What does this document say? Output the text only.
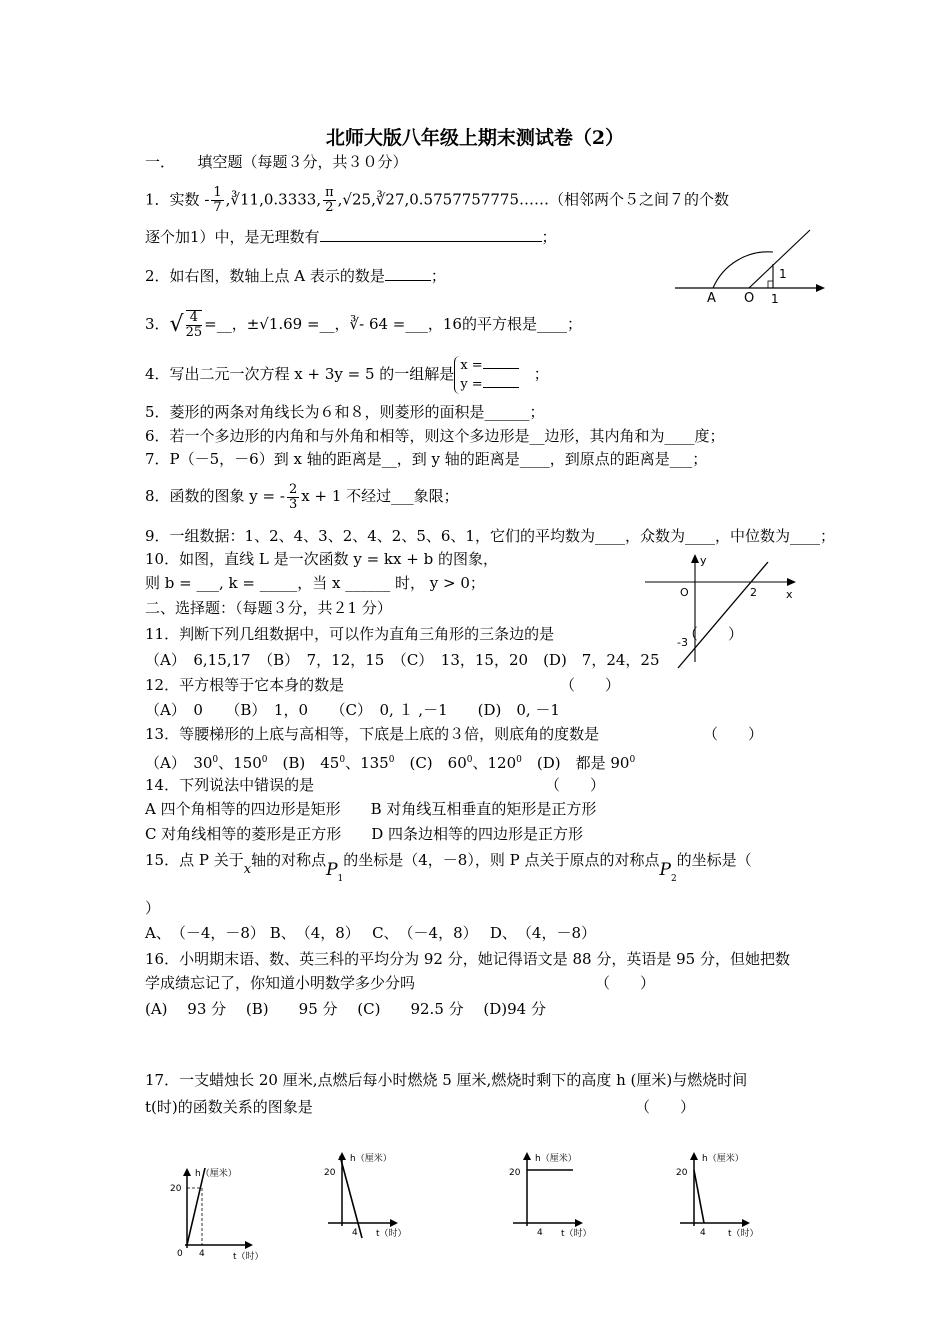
北师大版八年级上期末测试卷（2）
一．　　填空题（每题３分，共３０分）
1．实数 - $\frac{1}{7}$ ,∛11,0.3333, $\frac{\pi}{2}$ ,√25,∛27,0.5757757775……（相邻两个５之间７的个数
逐个加1）中，是无理数有	；
2．如右图，数轴上点 A 表示的数是	；
A O
1
1
3．√ $\frac{4}{25}$ =__，±√1.69 =__，∛- 64 =___，16的平方根是____；
4．写出二元一次方程 x + 3y = 5 的一组解是 x =
y =　；
5．菱形的两条对角线长为６和８，则菱形的面积是______；
6．若一个多边形的内角和与外角和相等，则这个多边形是__边形，其内角和为____度；
7．P（－5，－6）到 x 轴的距离是__，到 y 轴的距离是____，到原点的距离是___；
8．函数的图象 y = - $\frac{2}{3}$ x + 1 不经过___象限；
9．一组数据：1、2、4、3、2、4、2、5、6、1，它们的平均数为____，众数为____，中位数为____；
10．如图，直线 L 是一次函数 y = kx + b 的图象，
则 b = ___, k = _____，当 x ______ 时， y > 0；
y
x
O	2
-3
二、选择题：（每题３分，共２1 分）
11．判断下列几组数据中，可以作为直角三角形的三条边的是	（　　）
（A）　6,15,17　（B）　7，12，15　（C）　13，15，20　(D)　7，24，25
12．平方根等于它本身的数是	（　　）
（A）　0　　（B）　1，0　　（C）　0, １ ,－1　　(D)　0, －1
13．等腰梯形的上底与高相等，下底是上底的３倍，则底角的度数是	（　　）
（A）　$30^0$、$150^0$　(B)　$45^0$、$135^0$　(C)　$60^0$、$120^0$　(D)　都是 $90^0$
14．下列说法中错误的是	（　　）
A 四个角相等的四边形是矩形　　B 对角线互相垂直的矩形是正方形
C 对角线相等的菱形是正方形　　D 四条边相等的四边形是正方形
15．点 P 关于x轴的对称点$P_1$的坐标是（4，－8），则 P 点关于原点的对称点$P_2$的坐标是（
）
A、　（－4，－8） B、　（4，8）　 C、　（－4，8）　 D、　（4，－8）
16．小明期末语、数、英三科的平均分为 92 分，她记得语文是 88 分，英语是 95 分，但她把数
学成绩忘记了，你知道小明数学多少分吗	（　　）
(A)　 93 分　 (B)　　95 分　 (C)　　92.5 分　 (D)94 分
17．一支蜡烛长 20 厘米,点燃后每小时燃烧 5 厘米,燃烧时剩下的高度 h (厘米)与燃烧时间
t(时)的函数关系的图象是	（　　）
h（厘米）
20
0 4	t（时）
h（厘米）
20
4 t（时）
h（厘米）
20
4 t（时）
h（厘米）
20
4 t（时）
